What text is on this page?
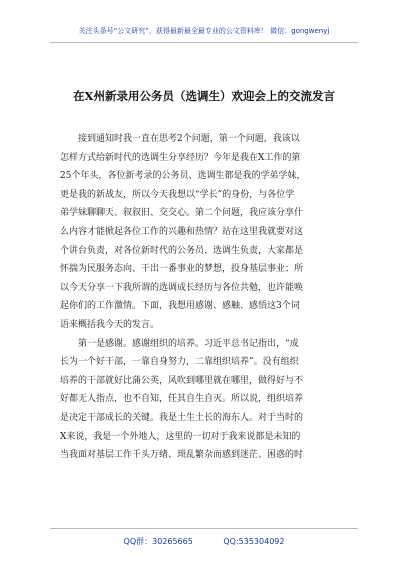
关注头条号“公文研究”，获得最新最全最专业的公文资料库！ 微信：gongwenyj
在X州新录用公务员（选调生）欢迎会上的交流发言
　　接到通知时我一直在思考2个问题，第一个问题，我该以
怎样方式给新时代的选调生分享经历？今年是我在X工作的第
25个年头，各位新考录的公务员、选调生都是我的学弟学妹，
更是我的新战友，所以今天我想以“学长”的身份，与各位学
弟学妹聊聊天、叙叙旧、交交心。第二个问题，我应该分享什
么内容才能掀起各位工作的兴趣和热情？站在这里我就要对这
个讲台负责，对各位新时代的公务员、选调生负责，大家都是
怀揣为民服务态向、干出一番事业的梦想，投身基层事业；所
以今天分享一下我所谓的选调成长经历与各位共勉，也许能唤
起你们的工作激情。下面，我想用感谢、感触、感悟这3个词
语来概括我今天的发言。
　　第一是感谢。感谢组织的培养。习近平总书记指出，“成
长为一个好干部，一靠自身努力，二靠组织培养”。没有组织
培养的干部就好比蒲公英，风吹到哪里就在哪里，做得好与不
好都无人指点，也不自知，任其自生自灭。所以说，组织培养
是决定干部成长的关键。我是土生土长的海东人。对于当时的
X来说，我是一个外地人，这里的一切对于我来说都是未知的
当我面对基层工作千头万绪、琐乱繁杂而感到迷茫、困惑的时
QQ群：30265665	QQ:535304092
